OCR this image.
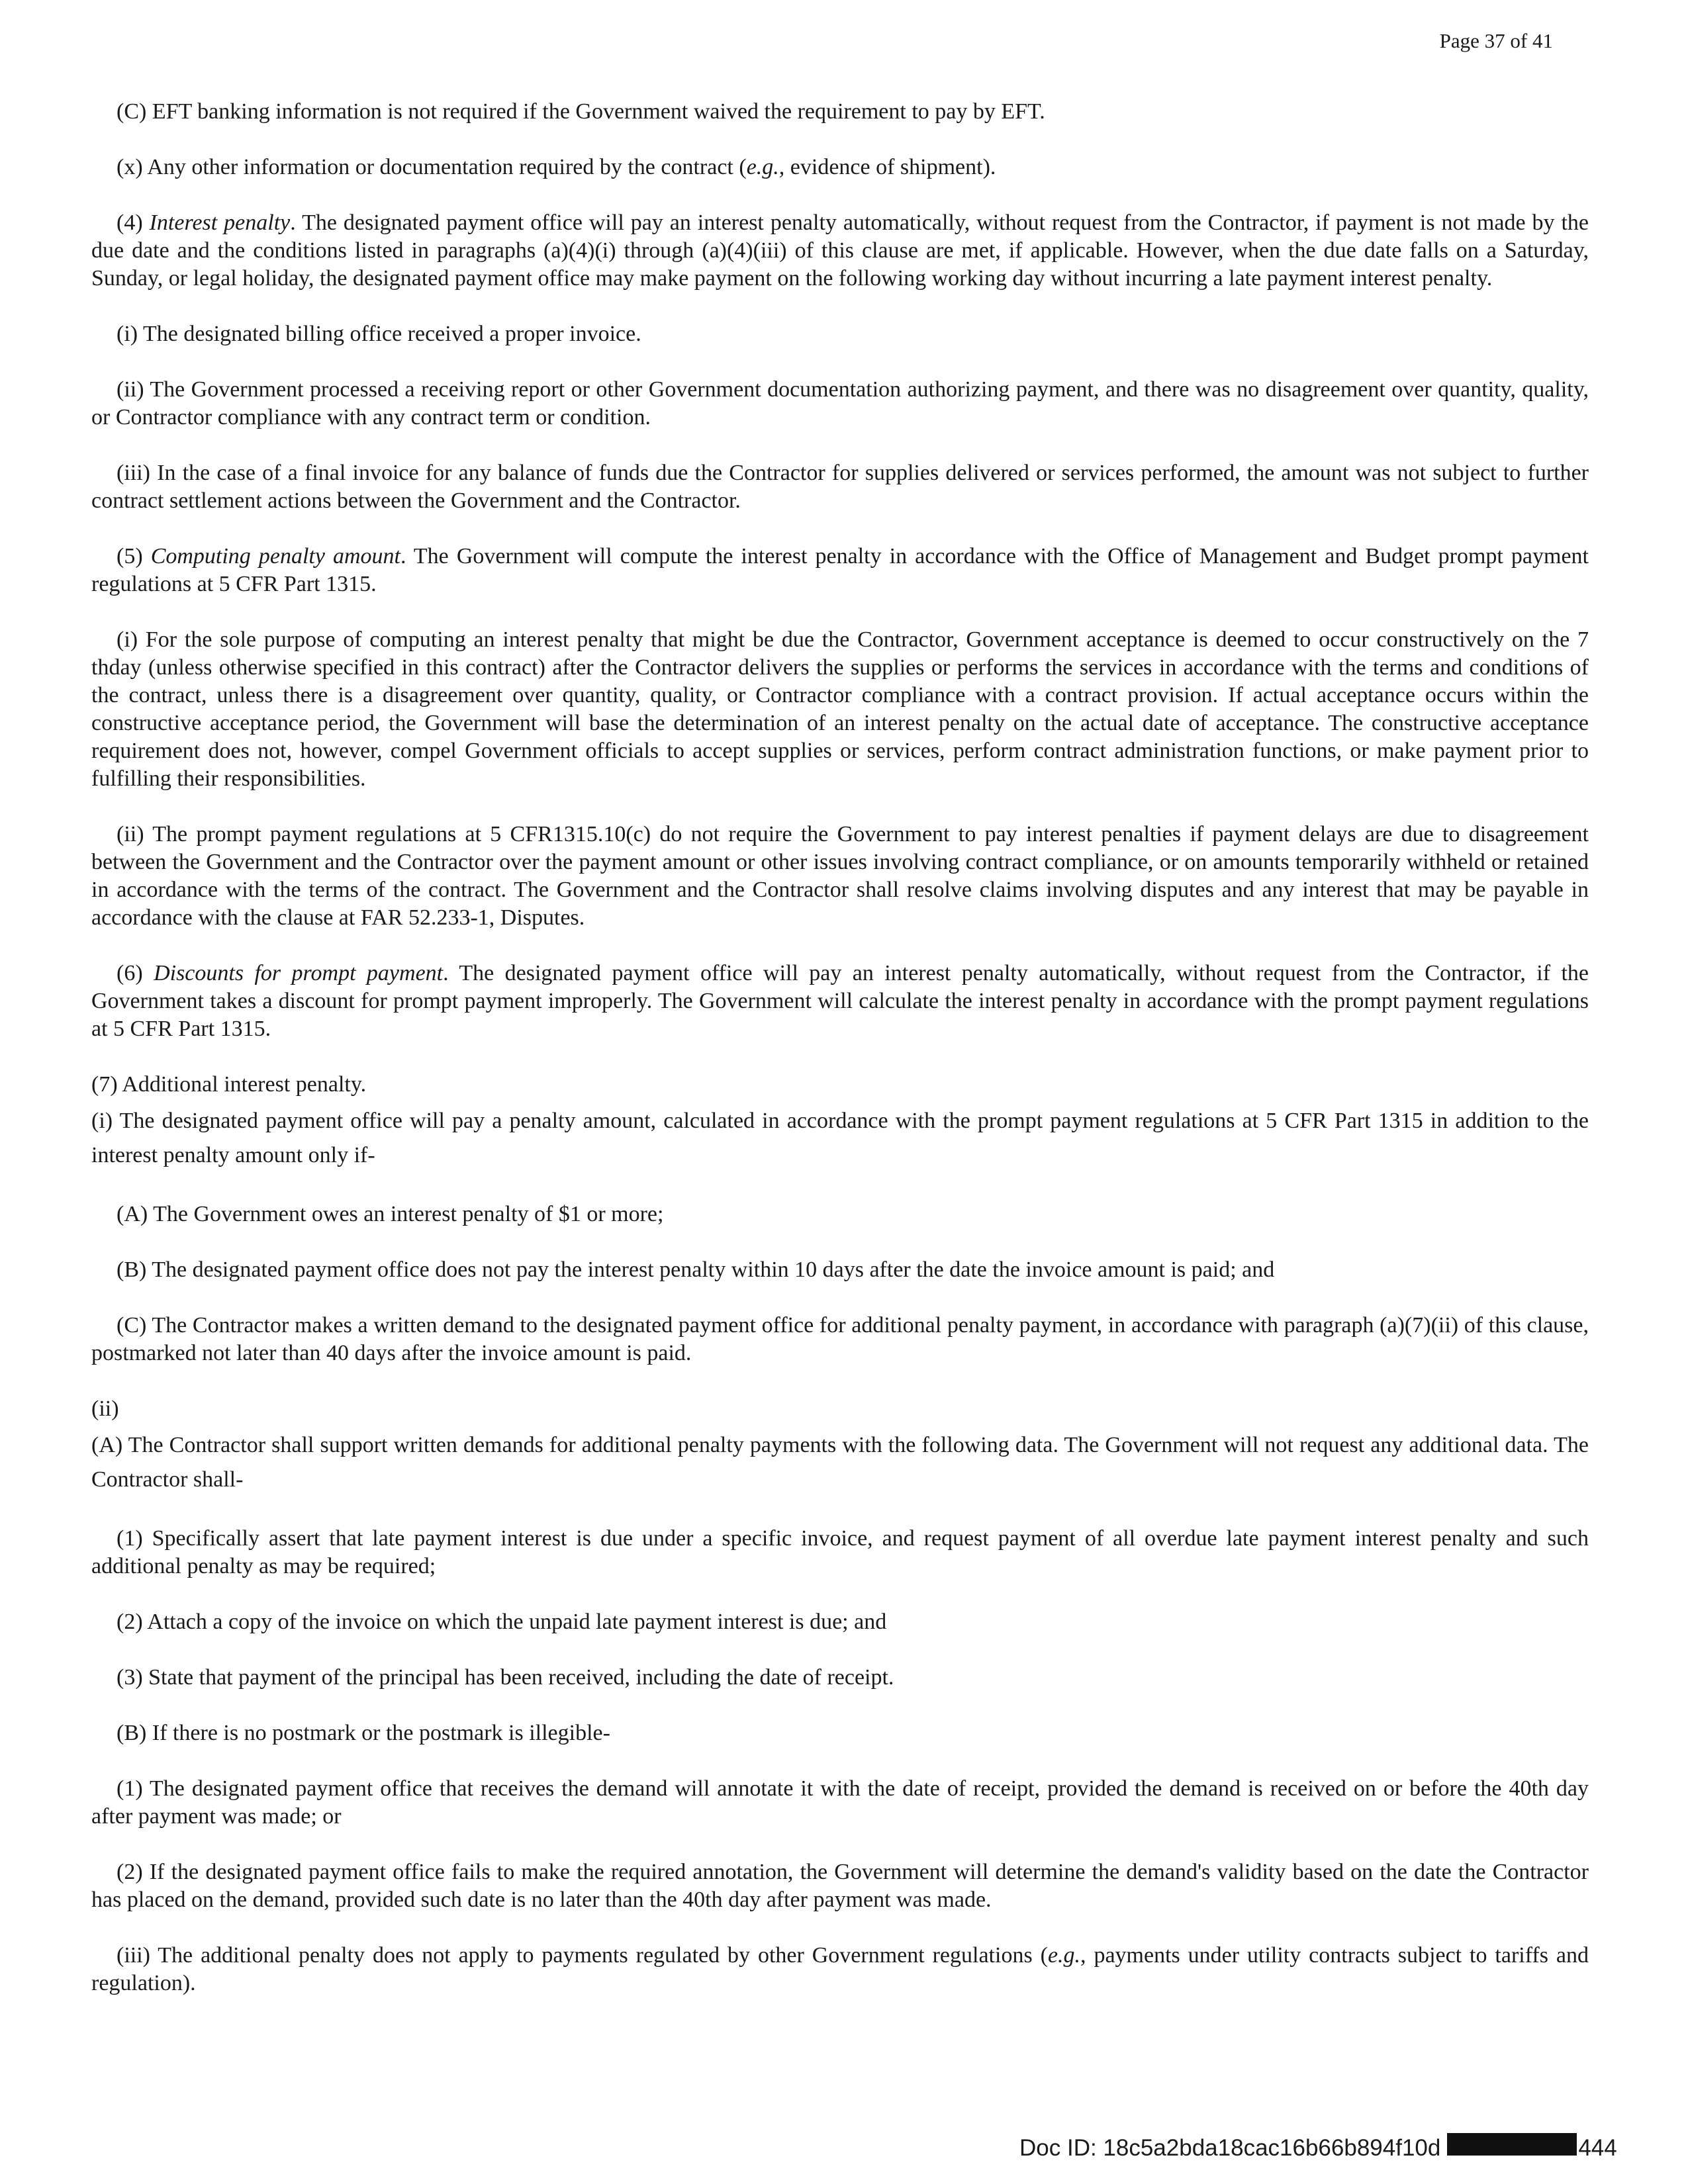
Page 37 of 41

(C) EFT banking information is not required if the Government waived the requirement to pay by EFT.

(x) Any other information or documentation required by the contract (e.g., evidence of shipment).

(4) Interest penalty. The designated payment office will pay an interest penalty automatically, without request from the Contractor, if payment is not made by the due date and the conditions listed in paragraphs (a)(4)(i) through (a)(4)(iii) of this clause are met, if applicable. However, when the due date falls on a Saturday, Sunday, or legal holiday, the designated payment office may make payment on the following working day without incurring a late payment interest penalty.

(i) The designated billing office received a proper invoice.

(ii) The Government processed a receiving report or other Government documentation authorizing payment, and there was no disagreement over quantity, quality, or Contractor compliance with any contract term or condition.

(iii) In the case of a final invoice for any balance of funds due the Contractor for supplies delivered or services performed, the amount was not subject to further contract settlement actions between the Government and the Contractor.

(5) Computing penalty amount. The Government will compute the interest penalty in accordance with the Office of Management and Budget prompt payment regulations at 5 CFR Part 1315.

(i) For the sole purpose of computing an interest penalty that might be due the Contractor, Government acceptance is deemed to occur constructively on the 7 thday (unless otherwise specified in this contract) after the Contractor delivers the supplies or performs the services in accordance with the terms and conditions of the contract, unless there is a disagreement over quantity, quality, or Contractor compliance with a contract provision. If actual acceptance occurs within the constructive acceptance period, the Government will base the determination of an interest penalty on the actual date of acceptance. The constructive acceptance requirement does not, however, compel Government officials to accept supplies or services, perform contract administration functions, or make payment prior to fulfilling their responsibilities.

(ii) The prompt payment regulations at 5 CFR1315.10(c) do not require the Government to pay interest penalties if payment delays are due to disagreement between the Government and the Contractor over the payment amount or other issues involving contract compliance, or on amounts temporarily withheld or retained in accordance with the terms of the contract. The Government and the Contractor shall resolve claims involving disputes and any interest that may be payable in accordance with the clause at FAR 52.233-1, Disputes.

(6) Discounts for prompt payment. The designated payment office will pay an interest penalty automatically, without request from the Contractor, if the Government takes a discount for prompt payment improperly. The Government will calculate the interest penalty in accordance with the prompt payment regulations at 5 CFR Part 1315.

(7) Additional interest penalty.

(i) The designated payment office will pay a penalty amount, calculated in accordance with the prompt payment regulations at 5 CFR Part 1315 in addition to the interest penalty amount only if-

(A) The Government owes an interest penalty of $1 or more;

(B) The designated payment office does not pay the interest penalty within 10 days after the date the invoice amount is paid; and

(C) The Contractor makes a written demand to the designated payment office for additional penalty payment, in accordance with paragraph (a)(7)(ii) of this clause, postmarked not later than 40 days after the invoice amount is paid.

(ii)

(A) The Contractor shall support written demands for additional penalty payments with the following data. The Government will not request any additional data. The Contractor shall-

(1) Specifically assert that late payment interest is due under a specific invoice, and request payment of all overdue late payment interest penalty and such additional penalty as may be required;

(2) Attach a copy of the invoice on which the unpaid late payment interest is due; and

(3) State that payment of the principal has been received, including the date of receipt.

(B) If there is no postmark or the postmark is illegible-

(1) The designated payment office that receives the demand will annotate it with the date of receipt, provided the demand is received on or before the 40th day after payment was made; or

(2) If the designated payment office fails to make the required annotation, the Government will determine the demand's validity based on the date the Contractor has placed on the demand, provided such date is no later than the 40th day after payment was made.

(iii) The additional penalty does not apply to payments regulated by other Government regulations (e.g., payments under utility contracts subject to tariffs and regulation).

Doc ID: 18c5a2bda18cac16b66b894f10d	444
